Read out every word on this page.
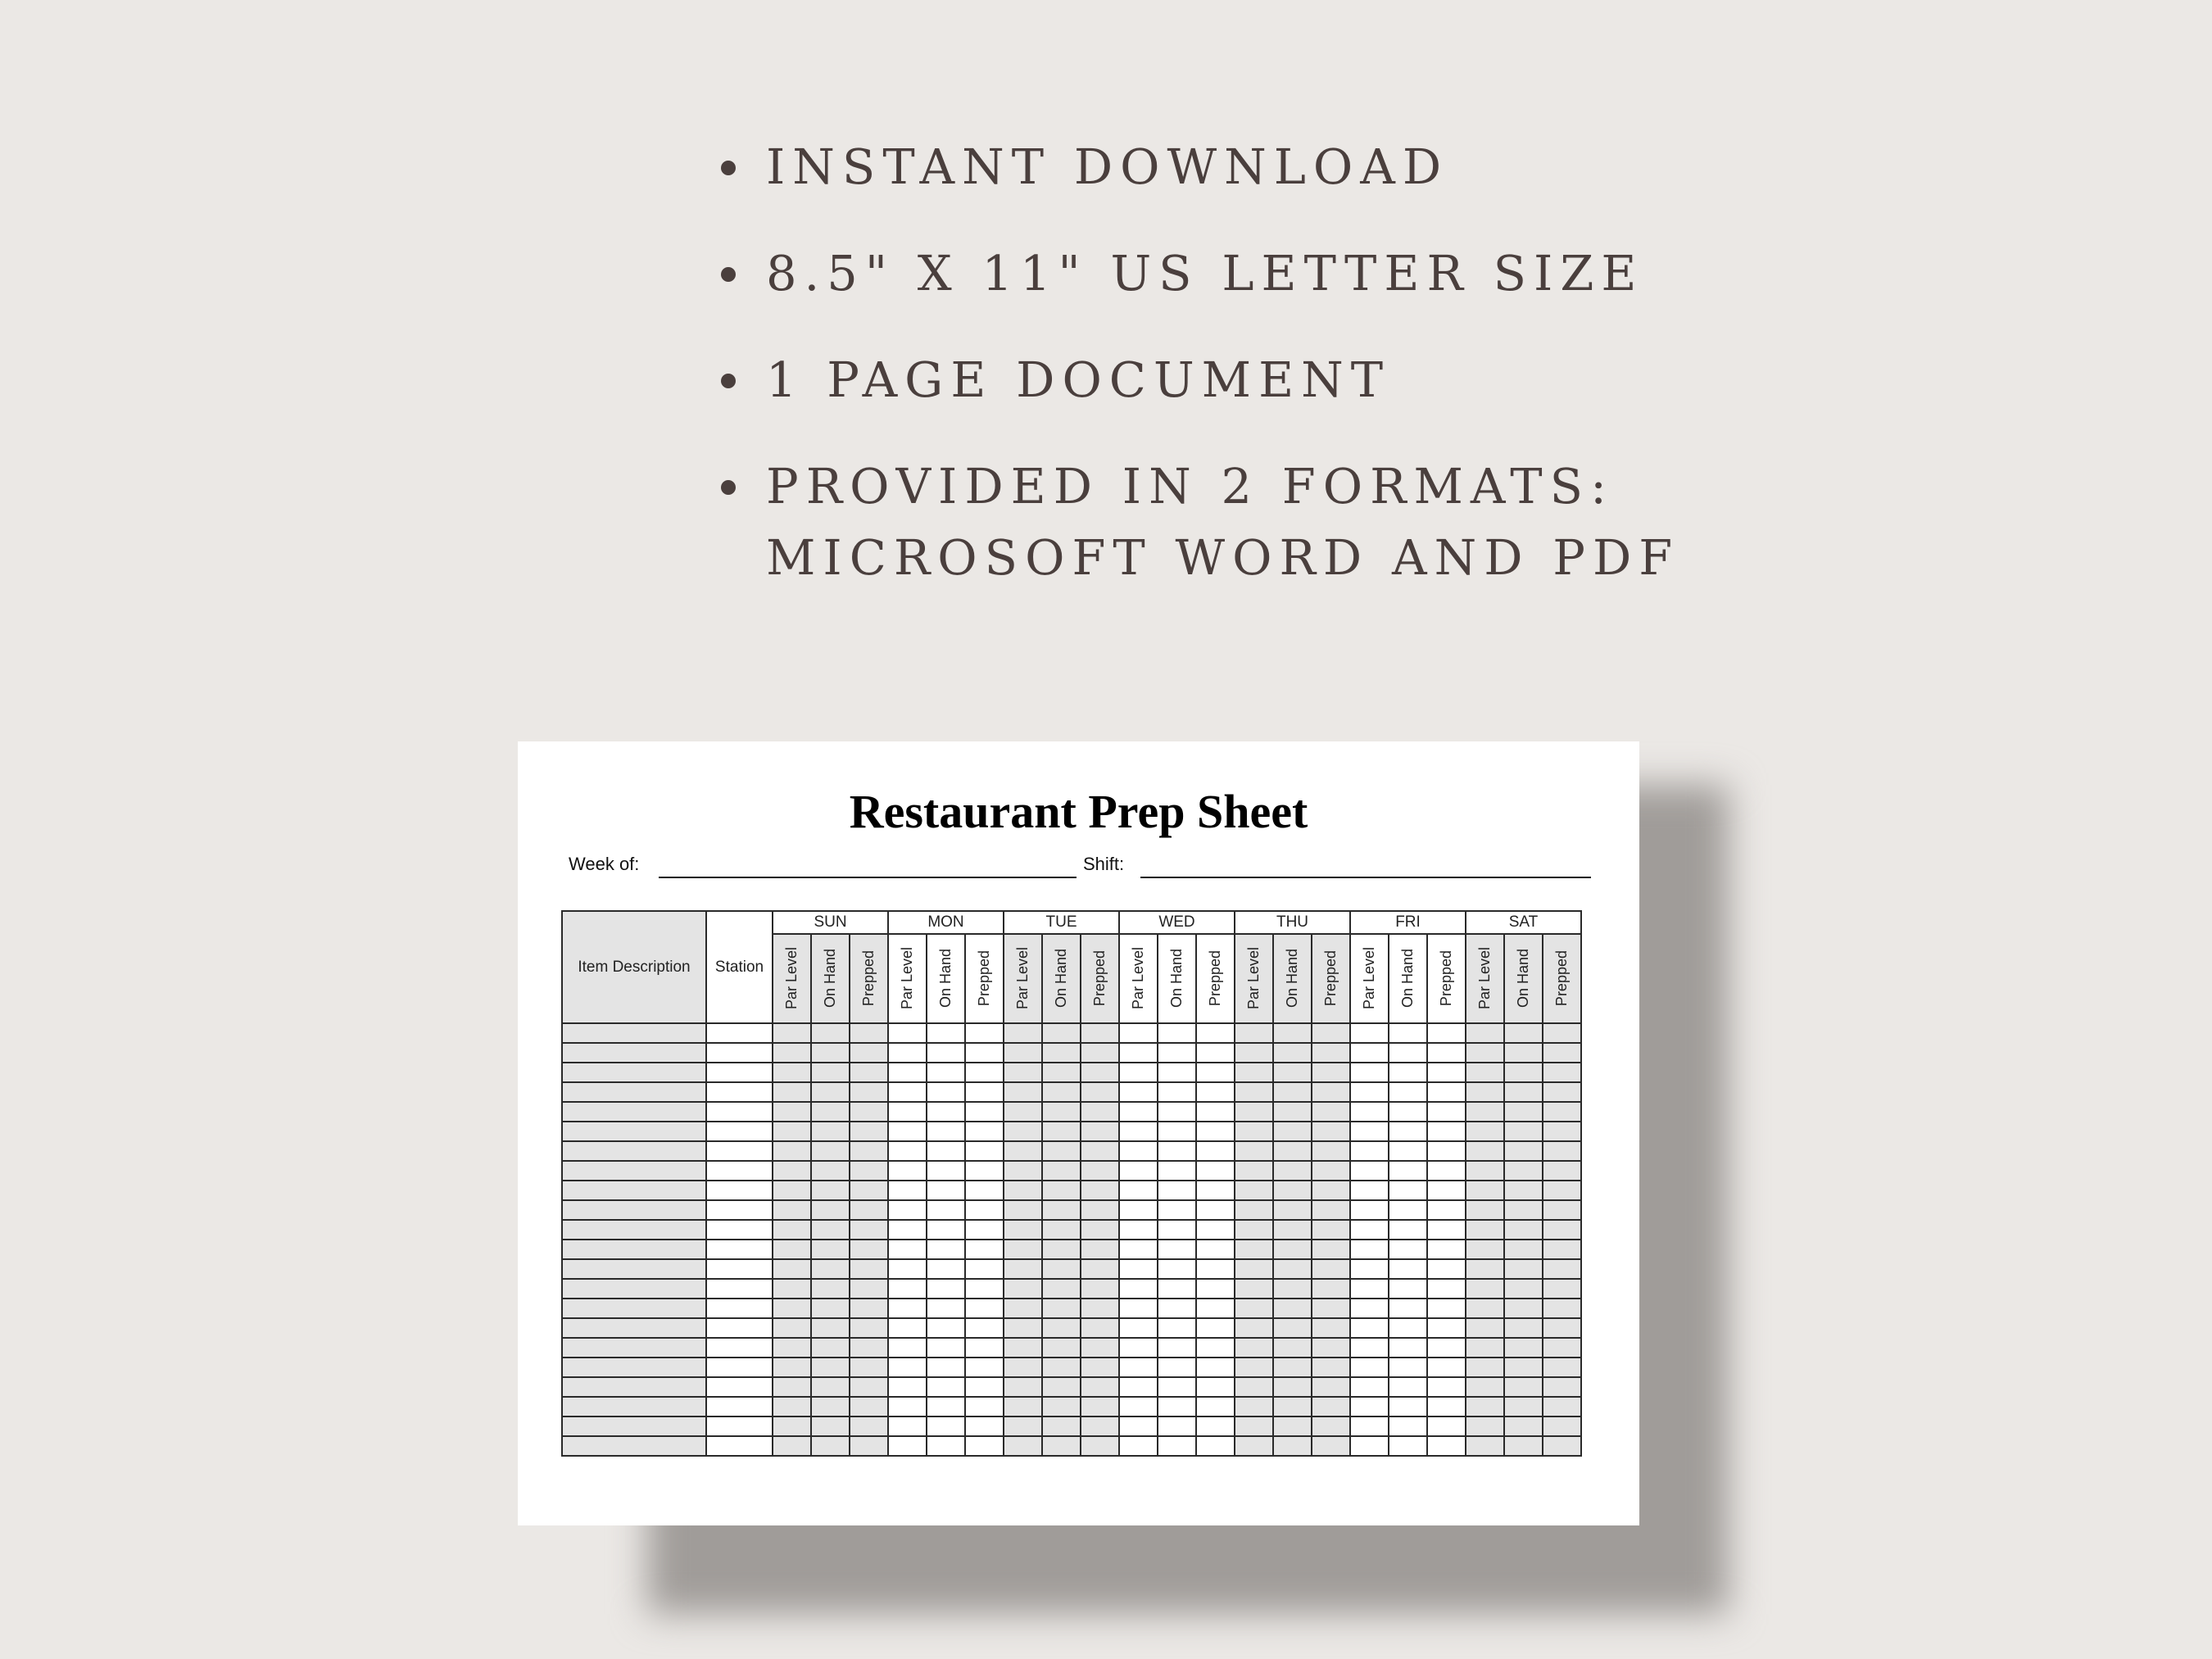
INSTANT DOWNLOAD
8.5" X 11" US LETTER SIZE
1 PAGE DOCUMENT
PROVIDED IN 2 FORMATS: MICROSOFT WORD AND PDF
Restaurant Prep Sheet
Week of:	Shift:
Item Description	Station	SUN			MON			TUE			WED			THU			FRI			SAT		

		Par Level	On Hand	Prepped	Par Level	On Hand	Prepped	Par Level	On Hand	Prepped	Par Level	On Hand	Prepped	Par Level	On Hand	Prepped	Par Level	On Hand	Prepped	Par Level	On Hand	Prepped
